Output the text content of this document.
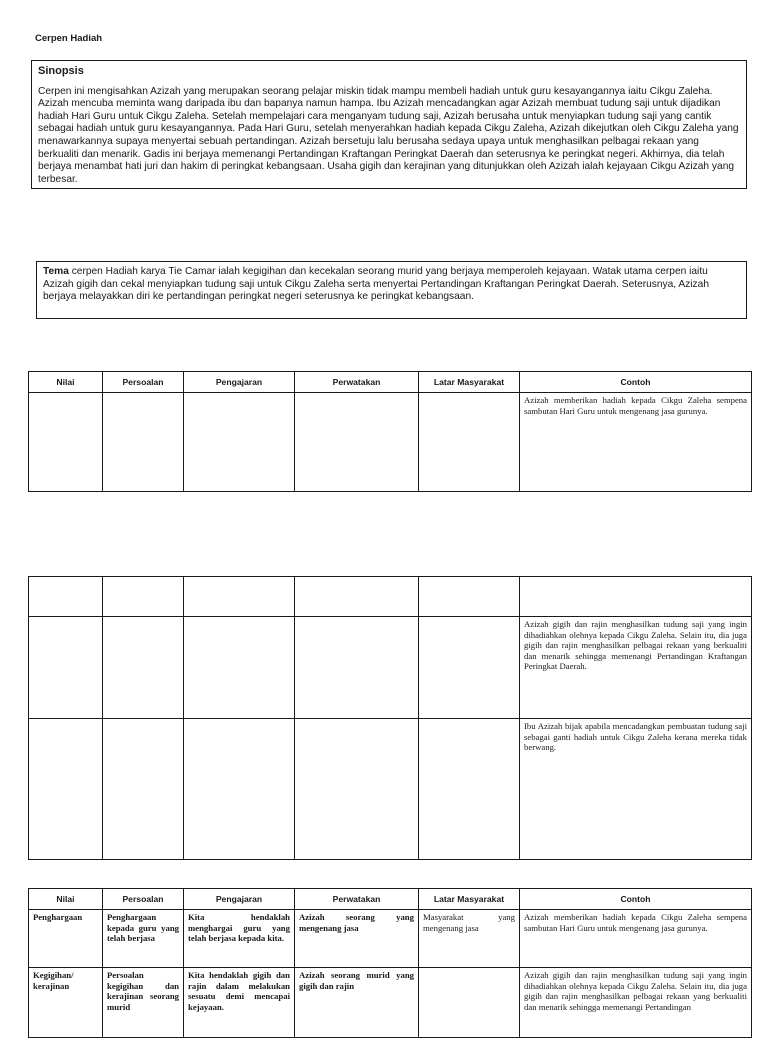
Cerpen Hadiah
Sinopsis
Cerpen ini mengisahkan Azizah yang merupakan seorang pelajar miskin tidak mampu membeli hadiah untuk guru kesayangannya iaitu Cikgu Zaleha. Azizah mencuba meminta wang daripada ibu dan bapanya namun hampa. Ibu Azizah mencadangkan agar Azizah membuat tudung saji untuk dijadikan hadiah Hari Guru untuk Cikgu Zaleha. Setelah mempelajari cara menganyam tudung saji, Azizah berusaha untuk menyiapkan tudung saji yang cantik sebagai hadiah untuk guru kesayangannya. Pada Hari Guru, setelah menyerahkan hadiah kepada Cikgu Zaleha, Azizah dikejutkan oleh Cikgu Zaleha yang menawarkannya supaya menyertai sebuah pertandingan. Azizah bersetuju lalu berusaha sedaya upaya untuk menghasilkan pelbagai rekaan yang berkualiti dan menarik. Gadis ini berjaya memenangi Pertandingan Kraftangan Peringkat Daerah dan seterusnya ke peringkat negeri. Akhirnya, dia telah berjaya menambat hati juri dan hakim di peringkat kebangsaan. Usaha gigih dan kerajinan yang ditunjukkan oleh Azizah ialah kejayaan Cikgu Azizah yang terbesar.
Tema cerpen Hadiah karya Tie Camar ialah kegigihan dan kecekalan seorang murid yang berjaya memperoleh kejayaan. Watak utama cerpen iaitu Azizah gigih dan cekal menyiapkan tudung saji untuk Cikgu Zaleha serta menyertai Pertandingan Kraftangan Peringkat Daerah. Seterusnya, Azizah berjaya melayakkan diri ke pertandingan peringkat negeri seterusnya ke peringkat kebangsaan.
Nilai	Persoalan	Pengajaran	Perwatakan	Latar Masyarakat	Contoh
					Azizah memberikan hadiah kepada Cikgu Zaleha sempena sambutan Hari Guru untuk mengenang jasa gurunya.

					Azizah gigih dan rajin menghasilkan tudung saji yang ingin dihadiahkan olehnya kepada Cikgu Zaleha. Selain itu, dia juga gigih dan rajin menghasilkan pelbagai rekaan yang berkualiti dan menarik sehingga memenangi Pertandingan Kraftangan Peringkat Daerah.
					Ibu Azizah bijak apabila mencadangkan pembuatan tudung saji sebagai ganti hadiah untuk Cikgu Zaleha kerana mereka tidak berwang.
Nilai	Persoalan	Pengajaran	Perwatakan	Latar Masyarakat	Contoh
Penghargaan	Penghargaan kepada guru yang telah berjasa	Kita hendaklah menghargai guru yang telah berjasa kepada kita.	Azizah seorang yang mengenang jasa	Masyarakat yang mengenang jasa	Azizah memberikan hadiah kepada Cikgu Zaleha sempena sambutan Hari Guru untuk mengenang jasa gurunya.
Kegigihan/ kerajinan	Persoalan kegigihan dan kerajinan seorang murid	Kita hendaklah gigih dan rajin dalam melakukan sesuatu demi mencapai kejayaan.	Azizah seorang murid yang gigih dan rajin		Azizah gigih dan rajin menghasilkan tudung saji yang ingin dihadiahkan olehnya kepada Cikgu Zaleha. Selain itu, dia juga gigih dan rajin menghasilkan pelbagai rekaan yang berkualiti dan menarik sehingga memenangi Pertandingan
